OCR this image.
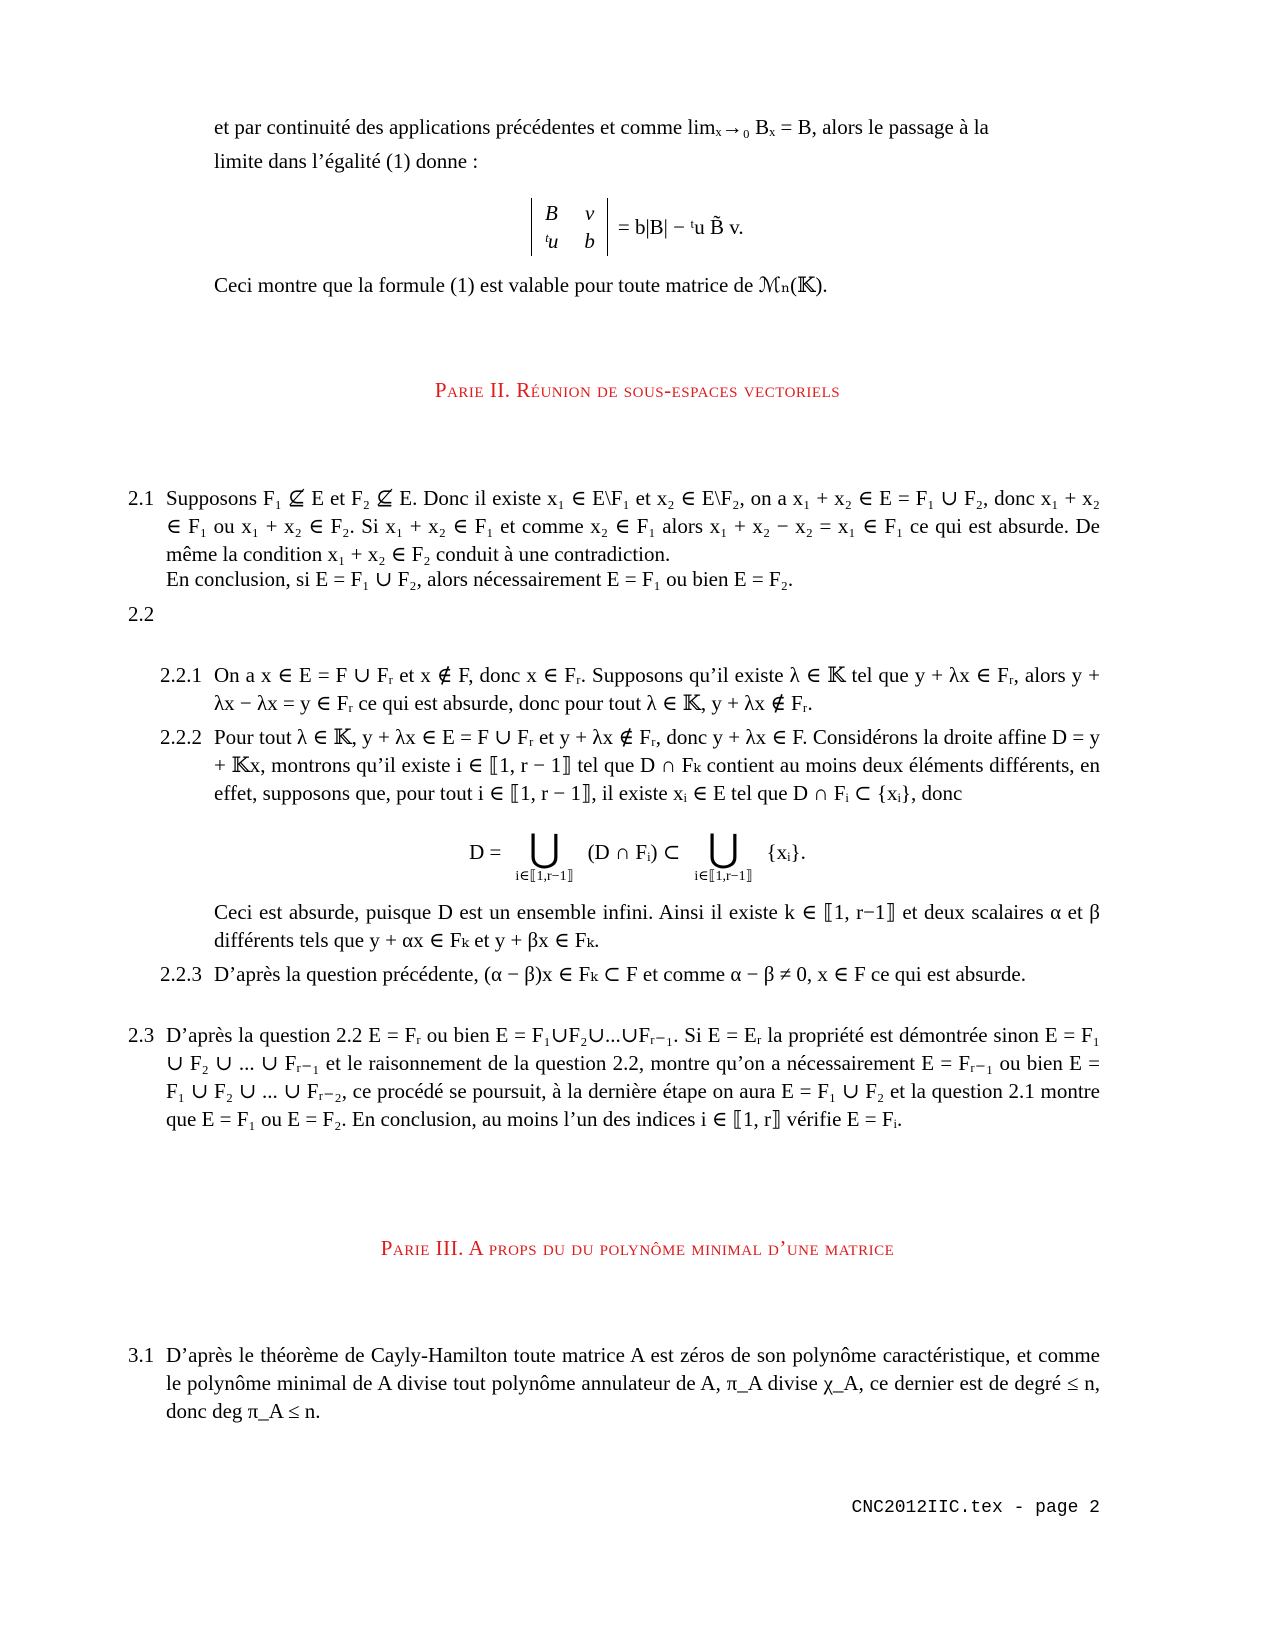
et par continuité des applications précédentes et comme limₓ→₀ Bₓ = B, alors le passage à la
limite dans l’égalité (1) donne :
B v
ᵗu b
= b|B| − ᵗu B̃ v.
Ceci montre que la formule (1) est valable pour toute matrice de ℳₙ(𝕂).
Parie II. Réunion de sous-espaces vectoriels
2.1 Supposons F₁ ⊈ E et F₂ ⊈ E. Donc il existe x₁ ∈ E\F₁ et x₂ ∈ E\F₂, on a x₁ + x₂ ∈ E = F₁ ∪ F₂, donc x₁ + x₂ ∈ F₁ ou x₁ + x₂ ∈ F₂. Si x₁ + x₂ ∈ F₁ et comme x₂ ∈ F₁ alors x₁ + x₂ − x₂ = x₁ ∈ F₁ ce qui est absurde. De même la condition x₁ + x₂ ∈ F₂ conduit à une contradiction.
En conclusion, si E = F₁ ∪ F₂, alors nécessairement E = F₁ ou bien E = F₂.
2.2
2.2.1 On a x ∈ E = F ∪ Fᵣ et x ∉ F, donc x ∈ Fᵣ. Supposons qu’il existe λ ∈ 𝕂 tel que y + λx ∈ Fᵣ, alors y + λx − λx = y ∈ Fᵣ ce qui est absurde, donc pour tout λ ∈ 𝕂, y + λx ∉ Fᵣ.
2.2.2 Pour tout λ ∈ 𝕂, y + λx ∈ E = F ∪ Fᵣ et y + λx ∉ Fᵣ, donc y + λx ∈ F. Considérons la droite affine D = y + 𝕂x, montrons qu’il existe i ∈ ⟦1, r − 1⟧ tel que D ∩ Fₖ contient au moins deux éléments différents, en effet, supposons que, pour tout i ∈ ⟦1, r − 1⟧, il existe xᵢ ∈ E tel que D ∩ Fᵢ ⊂ {xᵢ}, donc
D = ⋃
i∈⟦1,r−1⟧
(D ∩ Fᵢ) ⊂ ⋃
i∈⟦1,r−1⟧
{xᵢ}.
Ceci est absurde, puisque D est un ensemble infini. Ainsi il existe k ∈ ⟦1, r−1⟧ et deux scalaires α et β différents tels que y + αx ∈ Fₖ et y + βx ∈ Fₖ.
2.2.3 D’après la question précédente, (α − β)x ∈ Fₖ ⊂ F et comme α − β ≠ 0, x ∈ F ce qui est absurde.
2.3 D’après la question 2.2 E = Fᵣ ou bien E = F₁∪F₂∪...∪Fᵣ₋₁. Si E = Eᵣ la propriété est démontrée sinon E = F₁ ∪ F₂ ∪ ... ∪ Fᵣ₋₁ et le raisonnement de la question 2.2, montre qu’on a nécessairement E = Fᵣ₋₁ ou bien E = F₁ ∪ F₂ ∪ ... ∪ Fᵣ₋₂, ce procédé se poursuit, à la dernière étape on aura E = F₁ ∪ F₂ et la question 2.1 montre que E = F₁ ou E = F₂. En conclusion, au moins l’un des indices i ∈ ⟦1, r⟧ vérifie E = Fᵢ.
Parie III. A props du du polynôme minimal d’une matrice
3.1 D’après le théorème de Cayly-Hamilton toute matrice A est zéros de son polynôme caractéristique, et comme le polynôme minimal de A divise tout polynôme annulateur de A, π_A divise χ_A, ce dernier est de degré ≤ n, donc deg π_A ≤ n.
CNC2012IIC.tex - page 2
